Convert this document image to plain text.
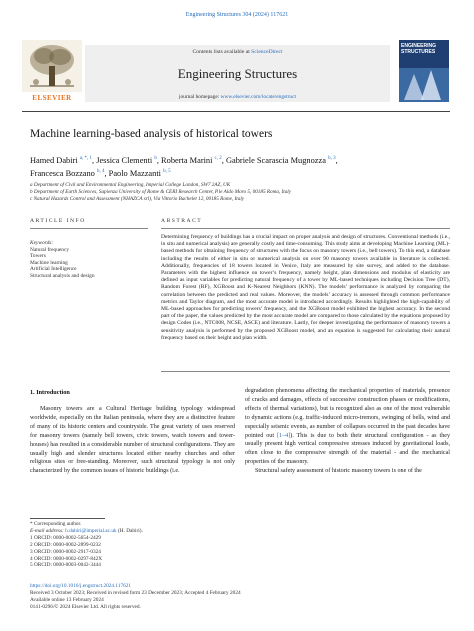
Engineering Structures 304 (2024) 117621
ELSEVIER
Contents lists available at ScienceDirect
Engineering Structures
journal homepage: www.elsevier.com/locate/engstruct
ENGINEERING
STRUCTURES
Machine learning-based analysis of historical towers
Hamed Dabiri $^{a, *, 1}$, Jessica Clementi $^b$, Roberta Marini $^{c, 2}$, Gabriele Scarascia Mugnozza $^{b, 3}$,
Francesca Bozzano $^{b, 4}$, Paolo Mazzanti $^{b, 5}$
a Department of Civil and Environmental Engineering, Imperial College London, SW7 2AZ, UK
b Department of Earth Sciences, Sapienza University of Rome & CERI Research Center, P.le Aldo Moro 5, 00185 Roma, Italy
c Natural Hazards Control and Assessment (NHAZCA srl), Via Vittorio Bachelet 12, 00185 Rome, Italy
ARTICLE INFO	ABSTRACT
Keywords:
Natural frequency
Towers
Machine learning
Artificial Intelligence
Structural analysis and design
Determining frequency of buildings has a crucial impact on proper analysis and design of structures. Conventional methods (i.e., in situ and numerical analysis) are generally costly and time-consuming. This study aims at developing Machine Learning (ML)-based methods for obtaining frequency of structures with the focus on masonry towers (i.e., bell towers). To this end, a database including the results of either in situ or numerical analysis on over 90 masonry towers available in literature is collected. Additionally, frequencies of 18 towers located in Venice, Italy are measured by site survey, and added to the database. Parameters with the highest influence on tower’s frequency, namely height, plan dimensions and modulus of elasticity are defined as input variables for predicting natural frequency of a tower by ML-based techniques including Decision Tree (DT), Random Forest (RF), XGBoost and K-Nearest Neighbors (KNN). The models’ performance is analyzed by comparing the correlation between the predicted and real values. Moreover, the models’ accuracy is assessed through common performance metrics and Taylor diagram, and the most accurate model is introduced accordingly. Results highlighted the high-capability of ML-based approaches for predicting towers’ frequency, and the XGBoost model exhibited the highest accuracy. In the second part of the paper, the values predicted by the most accurate model are compared to those calculated by the equations proposed by design Codes (i.e., NTC008, NCSE, ASCE) and literature. Lastly, for deeper investigating the performance of masonry towers a sensitivity analysis is performed by the proposed XGBoost model, and an equation is suggested for calculating their natural frequency based on their height and plan width.
1. Introduction
Masonry towers are a Cultural Heritage building typology widespread worldwide, especially on the Italian peninsula, where they are a distinctive feature of many of its historic centers and countryside. The great variety of uses reserved for masonry towers (namely bell towers, civic towers, watch towers and tower-houses) has resulted in a considerable number of structural configurations. They are usually high and slender structures located either nearby churches and other religious sites or free-standing. Moreover, such structural typology is not only characterized by the common issues of historic buildings (i.e.
degradation phenomena affecting the mechanical properties of materials, presence of cracks and damages, effects of successive construction phases or modifications, effects of thermal variations), but is recognized also as one of the most vulnerable to dynamic actions (e.g. traffic-induced micro-tremors, swinging of bells, wind and especially seismic events, as number of collapses occurred in the past decades have pointed out [1–4]). This is due to both their structural configuration - as they usually present high vertical compressive stresses induced by gravitational loads, often close to the compressive strength of the material - and the mechanical properties of the masonry.
Structural safety assessment of historic masonry towers is one of the
* Corresponding author.
E-mail address: h.dabiri@imperial.ac.uk (H. Dabiri).
1 ORCID: 0000-0002-5654-2429
2 ORCID: 0000-0002-2899-0232
3 ORCID: 0000-0002-2917-0324
4 ORCID: 0000-0002-0297-842X
5 ORCID: 0000-0003-0042-3444
https://doi.org/10.1016/j.engstruct.2024.117621
Received 3 October 2023; Received in revised form 23 December 2023; Accepted 4 February 2024
Available online 13 February 2024
0141-0296/© 2024 Elsevier Ltd. All rights reserved.
